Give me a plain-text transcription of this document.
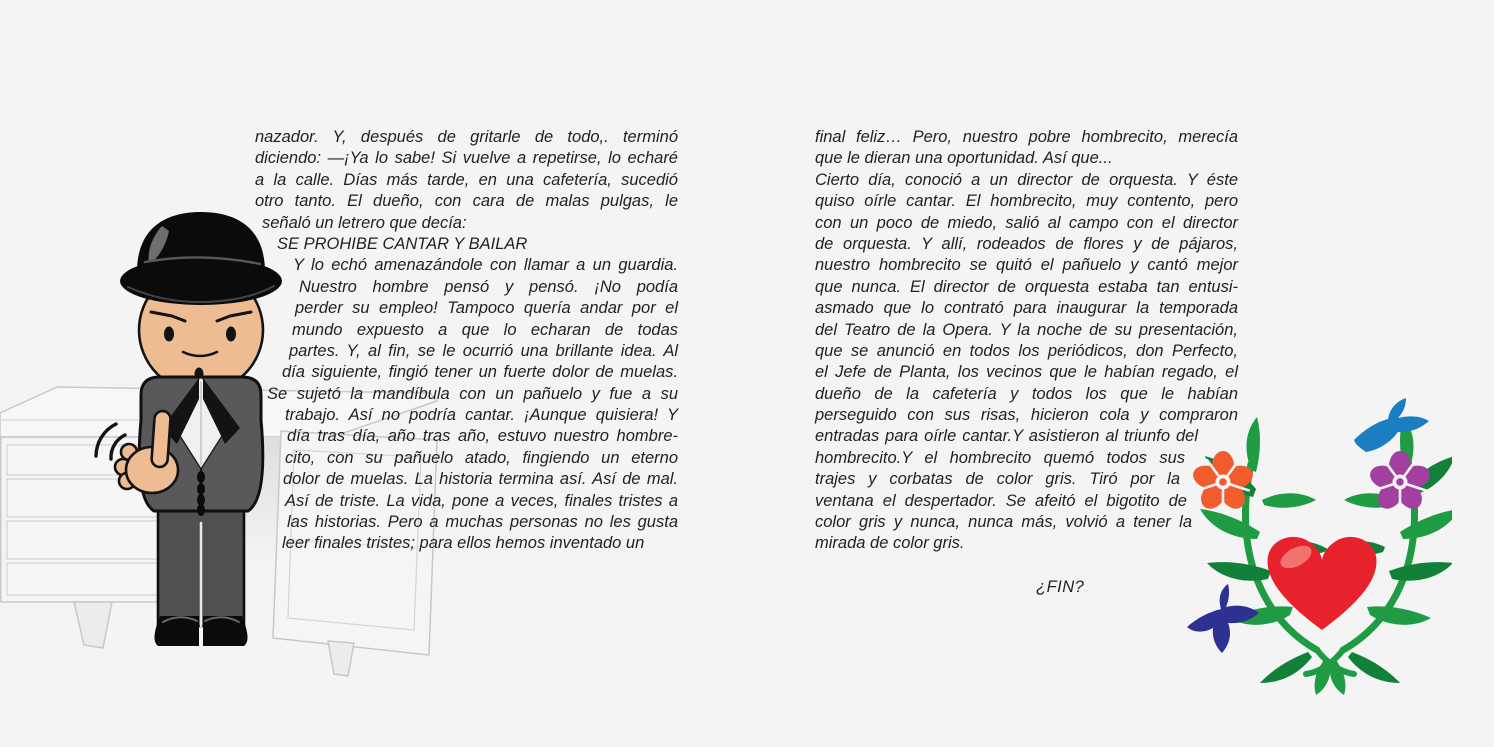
nazador. Y, después de gritarle de todo,. terminó
diciendo: —¡Ya lo sabe! Si vuelve a repetirse, lo echaré
a la calle. Días más tarde, en una cafetería, sucedió
otro tanto. El dueño, con cara de malas pulgas, le
señaló un letrero que decía:
SE PROHIBE CANTAR Y BAILAR
Y lo echó amenazándole con llamar a un guardia.
Nuestro hombre pensó y pensó. ¡No podía
perder su empleo! Tampoco quería andar por el
mundo expuesto a que lo echaran de todas
partes. Y, al fin, se le ocurrió una brillante idea. Al
día siguiente, fingió tener un fuerte dolor de muelas.
Se sujetó la mandíbula con un pañuelo y fue a su
trabajo. Así no podría cantar. ¡Aunque quisiera! Y
día tras día, año tras año, estuvo nuestro hombre-
cito, con su pañuelo atado, fingiendo un eterno
dolor de muelas. La historia termina así. Así de mal.
Así de triste. La vida, pone a veces, finales tristes a
las historias. Pero a muchas personas no les gusta
leer finales tristes; para ellos hemos inventado un
final feliz… Pero, nuestro pobre hombrecito, merecía
que le dieran una oportunidad. Así que...
Cierto día, conoció a un director de orquesta. Y éste
quiso oírle cantar. El hombrecito, muy contento, pero
con un poco de miedo, salió al campo con el director
de orquesta. Y allí, rodeados de flores y de pájaros,
nuestro hombrecito se quitó el pañuelo y cantó mejor
que nunca. El director de orquesta estaba tan entusi-
asmado que lo contrató para inaugurar la temporada
del Teatro de la Opera. Y la noche de su presentación,
que se anunció en todos los periódicos, don Perfecto,
el Jefe de Planta, los vecinos que le habían regado, el
dueño de la cafetería y todos los que le habían
perseguido con sus risas, hicieron cola y compraron
entradas para oírle cantar.Y asistieron al triunfo del
hombrecito.Y el hombrecito quemó todos sus
trajes y corbatas de color gris. Tiró por la
ventana el despertador. Se afeitó el bigotito de
color gris y nunca, nunca más, volvió a tener la
mirada de color gris.
¿FIN?
